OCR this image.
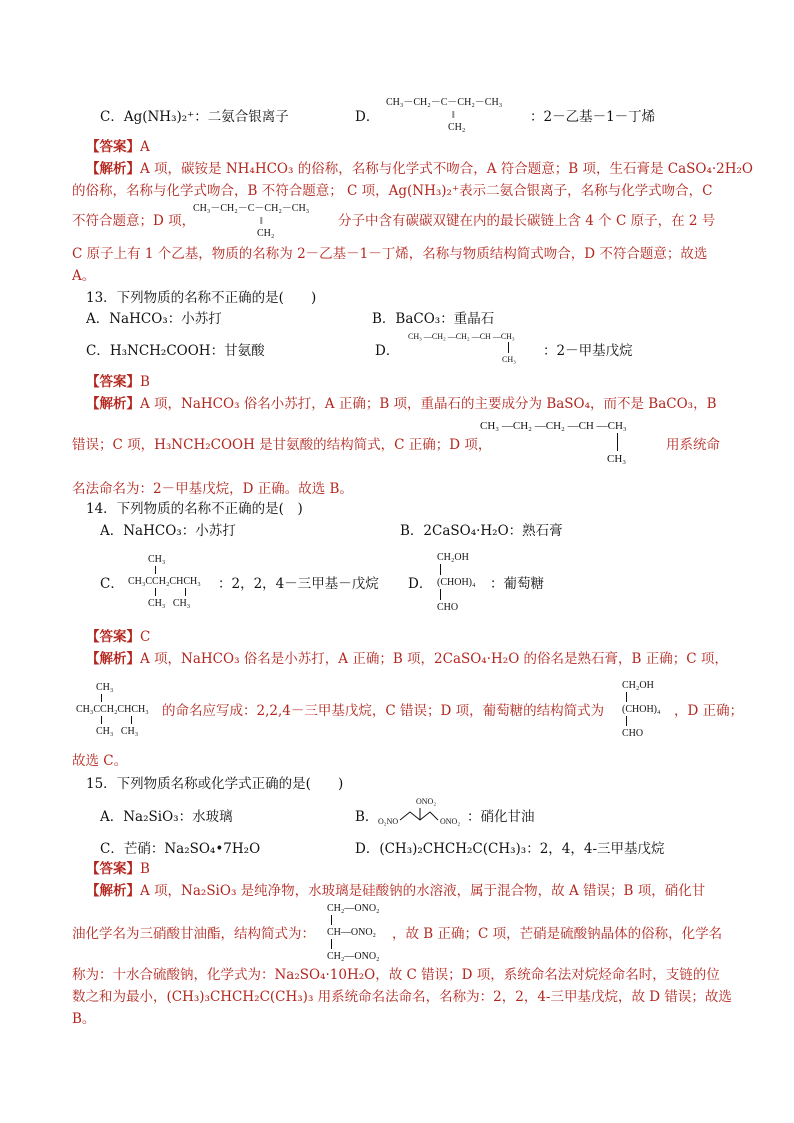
C．Ag(NH₃)₂⁺：二氨合银离子	D．
CH₃－CH₂－C－CH₂－CH₃
‖
CH₂
：2－乙基－1－丁烯
【答案】A
【解析】A 项，碳铵是 NH₄HCO₃ 的俗称，名称与化学式不吻合，A 符合题意；B 项，生石膏是 CaSO₄·2H₂O
的俗称，名称与化学式吻合，B 不符合题意； C 项，Ag(NH₃)₂⁺表示二氨合银离子，名称与化学式吻合，C
不符合题意；D 项，
CH₃－CH₂－C－CH₂－CH₃
‖
CH₂
分子中含有碳碳双键在内的最长碳链上含 4 个 C 原子，在 2 号
C 原子上有 1 个乙基，物质的名称为 2－乙基－1－丁烯，名称与物质结构简式吻合，D 不符合题意；故选
A。
13．下列物质的名称不正确的是(　　)
A．NaHCO₃：小苏打	B．BaCO₃：重晶石
C．H₃NCH₂COOH：甘氨酸	D．
CH₃ —CH₂ —CH₂ —CH —CH₃
CH₃
：2－甲基戊烷
【答案】B
【解析】A 项，NaHCO₃ 俗名小苏打，A 正确；B 项，重晶石的主要成分为 BaSO₄，而不是 BaCO₃，B
错误；C 项，H₃NCH₂COOH 是甘氨酸的结构简式，C 正确；D 项，
CH₃ —CH₂ —CH₂ —CH —CH₃
CH₃
用系统命
名法命名为：2－甲基戊烷，D 正确。故选 B。
14．下列物质的名称不正确的是(　)
A．NaHCO₃：小苏打	B．2CaSO₄·H₂O：熟石膏
C．
CH₃
CH₃CCH₂CHCH₃
CH₃   CH₃
：2，2，4－三甲基－戊烷 D．
CH₂OH
(CHOH)₄
CHO
：葡萄糖
【答案】C
【解析】A 项，NaHCO₃ 俗名是小苏打，A 正确；B 项，2CaSO₄·H₂O 的俗名是熟石膏，B 正确；C 项，
CH₃
CH₃CCH₂CHCH₃
CH₃   CH₃
的命名应写成：2,2,4－三甲基戊烷，C 错误；D 项，葡萄糖的结构简式为
CH₂OH
(CHOH)₄
CHO
，D 正确；
故选 C。
15．下列物质名称或化学式正确的是(　　)
A．Na₂SiO₃：水玻璃	B．
ONO₂
O₂NO	ONO₂ ：硝化甘油
C．芒硝：Na₂SO₄•7H₂O	D．(CH₃)₂CHCH₂C(CH₃)₃：2，4，4-三甲基戊烷
【答案】B
【解析】A 项，Na₂SiO₃ 是纯净物，水玻璃是硅酸钠的水溶液，属于混合物，故 A 错误；B 项，硝化甘
油化学名为三硝酸甘油酯，结构简式为：
CH₂—ONO₂
CH—ONO₂
CH₂—ONO₂
，故 B 正确；C 项，芒硝是硫酸钠晶体的俗称，化学名
称为：十水合硫酸钠，化学式为：Na₂SO₄·10H₂O，故 C 错误；D 项，系统命名法对烷烃命名时，支链的位
数之和为最小，(CH₃)₃CHCH₂C(CH₃)₃ 用系统命名法命名，名称为：2，2，4-三甲基戊烷，故 D 错误；故选
B。
